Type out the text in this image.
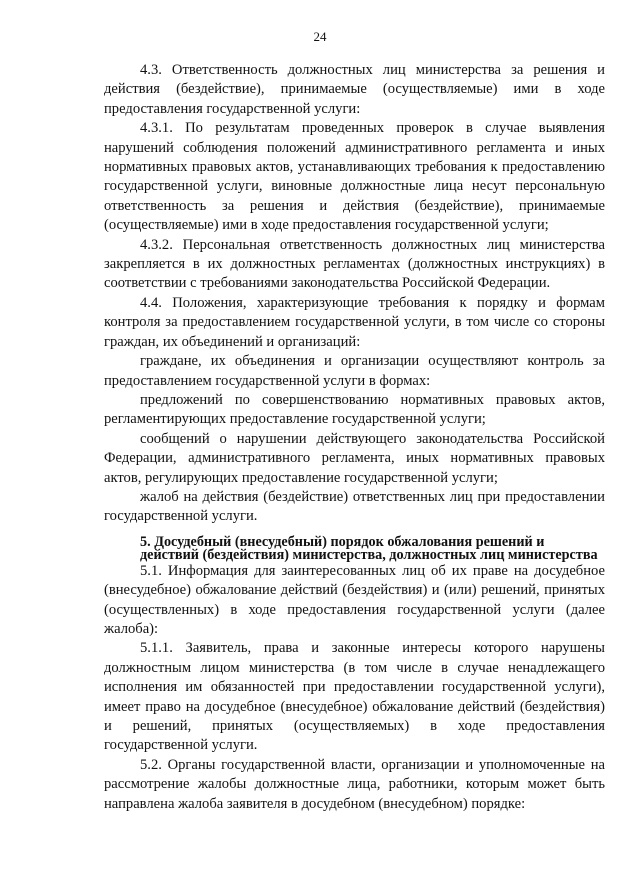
24

4.3. Ответственность должностных лиц министерства за решения и действия (бездействие), принимаемые (осуществляемые) ими в ходе предоставления государственной услуги:

4.3.1. По результатам проведенных проверок в случае выявления нарушений соблюдения положений административного регламента и иных нормативных правовых актов, устанавливающих требования к предоставлению государственной услуги, виновные должностные лица несут персональную ответственность за решения и действия (бездействие), принимаемые (осуществляемые) ими в ходе предоставления государственной услуги;

4.3.2. Персональная ответственность должностных лиц министерства закрепляется в их должностных регламентах (должностных инструкциях) в соответствии с требованиями законодательства Российской Федерации.

4.4. Положения, характеризующие требования к порядку и формам контроля за предоставлением государственной услуги, в том числе со стороны граждан, их объединений и организаций:

граждане, их объединения и организации осуществляют контроль за предоставлением государственной услуги в формах:

предложений по совершенствованию нормативных правовых актов, регламентирующих предоставление государственной услуги;

сообщений о нарушении действующего законодательства Российской Федерации, административного регламента, иных нормативных правовых актов, регулирующих предоставление государственной услуги;

жалоб на действия (бездействие) ответственных лиц при предоставлении государственной услуги.

5. Досудебный (внесудебный) порядок обжалования решений и действий (бездействия) министерства, должностных лиц министерства

5.1. Информация для заинтересованных лиц об их праве на досудебное (внесудебное) обжалование действий (бездействия) и (или) решений, принятых (осуществленных) в ходе предоставления государственной услуги (далее жалоба):

5.1.1. Заявитель, права и законные интересы которого нарушены должностным лицом министерства (в том числе в случае ненадлежащего исполнения им обязанностей при предоставлении государственной услуги), имеет право на досудебное (внесудебное) обжалование действий (бездействия) и решений, принятых (осуществляемых) в ходе предоставления государственной услуги.

5.2. Органы государственной власти, организации и уполномоченные на рассмотрение жалобы должностные лица, работники, которым может быть направлена жалоба заявителя в досудебном (внесудебном) порядке:
